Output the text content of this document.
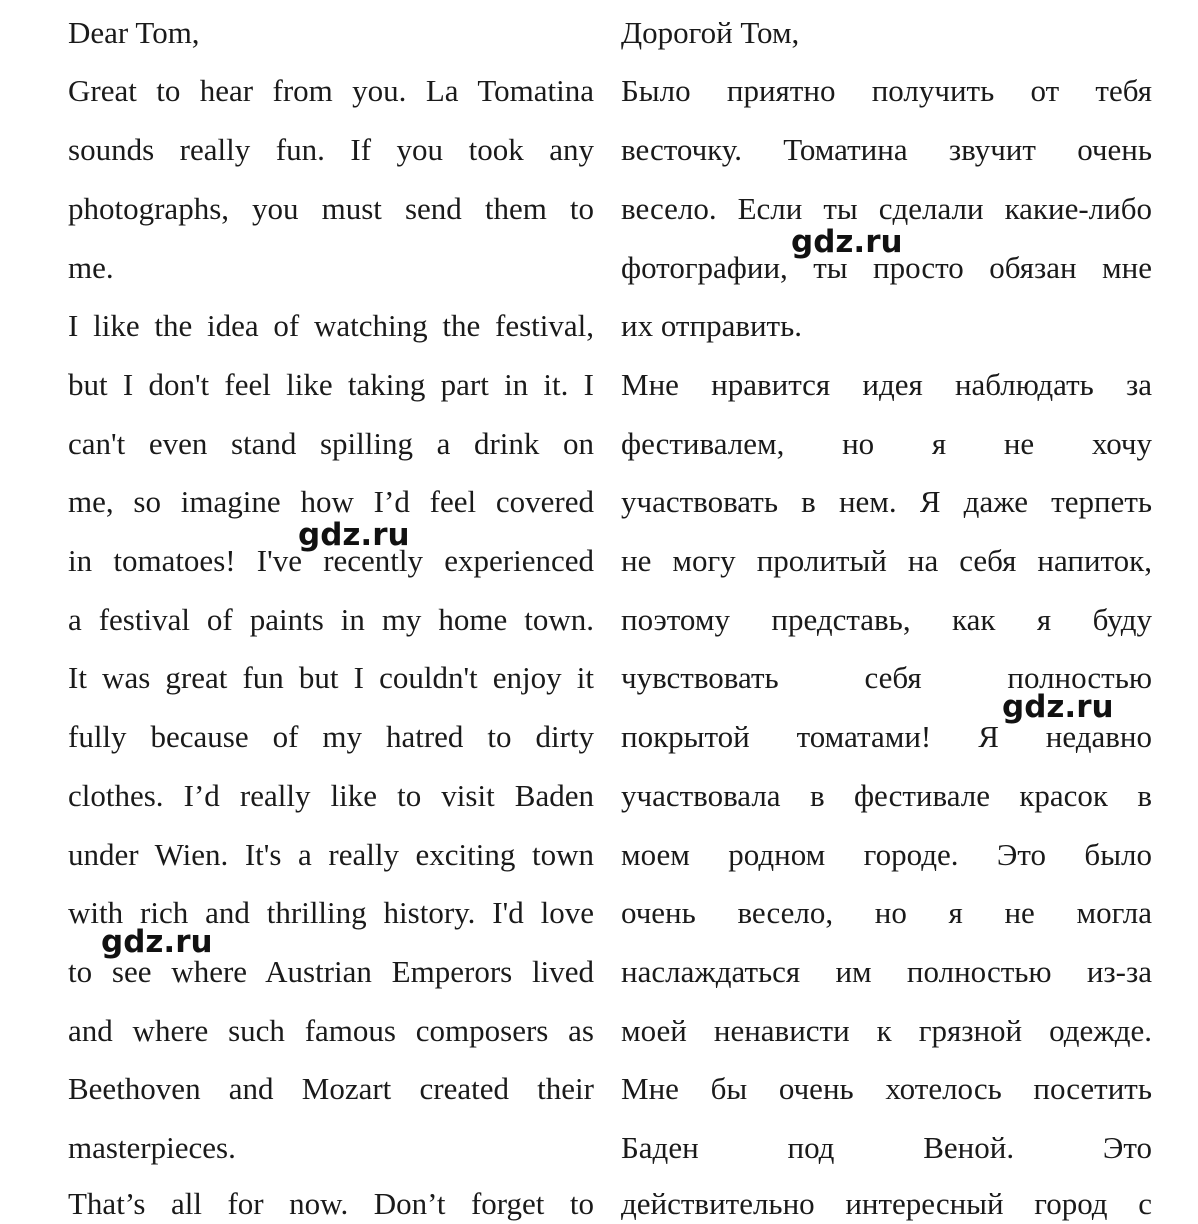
Dear Tom,
Great to hear from you. La Tomatina
sounds really fun. If you took any
photographs, you must send them to
me.
I like the idea of watching the festival,
but I don't feel like taking part in it. I
can't even stand spilling a drink on
me, so imagine how I’d feel covered
in tomatoes! I've recently experienced
a festival of paints in my home town.
It was great fun but I couldn't enjoy it
fully because of my hatred to dirty
clothes. I’d really like to visit Baden
under Wien. It's a really exciting town
with rich and thrilling history. I'd love
to see where Austrian Emperors lived
and where such famous composers as
Beethoven and Mozart created their
masterpieces.
That’s all for now. Don’t forget to
Дорогой Том,
Было приятно получить от тебя
весточку. Томатина звучит очень
весело. Если ты сделали какие-либо
фотографии, ты просто обязан мне
их отправить.
Мне нравится идея наблюдать за
фестивалем, но я не хочу
участвовать в нем. Я даже терпеть
не могу пролитый на себя напиток,
поэтому представь, как я буду
чувствовать себя полностью
покрытой томатами! Я недавно
участвовала в фестивале красок в
моем родном городе. Это было
очень весело, но я не могла
наслаждаться им полностью из-за
моей ненависти к грязной одежде.
Мне бы очень хотелось посетить
Баден под Веной. Это
действительно интересный город с
gdz.ru
gdz.ru
gdz.ru
gdz.ru
